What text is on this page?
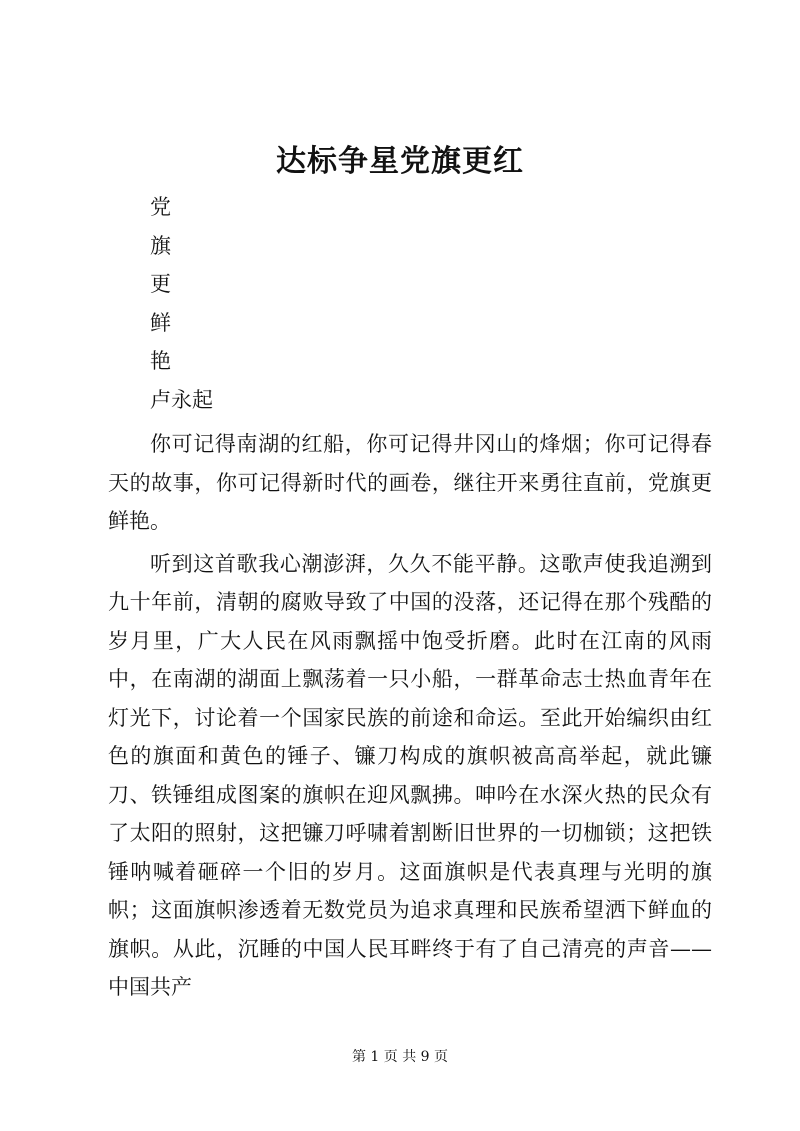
达标争星党旗更红
党
旗
更
鲜
艳
卢永起

你可记得南湖的红船，你可记得井冈山的烽烟；你可记得春天的故事，你可记得新时代的画卷，继往开来勇往直前，党旗更鲜艳。

听到这首歌我心潮澎湃，久久不能平静。这歌声使我追溯到九十年前，清朝的腐败导致了中国的没落，还记得在那个残酷的岁月里，广大人民在风雨飘摇中饱受折磨。此时在江南的风雨中，在南湖的湖面上飘荡着一只小船，一群革命志士热血青年在灯光下，讨论着一个国家民族的前途和命运。至此开始编织由红色的旗面和黄色的锤子、镰刀构成的旗帜被高高举起，就此镰刀、铁锤组成图案的旗帜在迎风飘拂。呻吟在水深火热的民众有了太阳的照射，这把镰刀呼啸着割断旧世界的一切枷锁；这把铁锤呐喊着砸碎一个旧的岁月。这面旗帜是代表真理与光明的旗帜；这面旗帜渗透着无数党员为追求真理和民族希望洒下鲜血的旗帜。从此，沉睡的中国人民耳畔终于有了自己清亮的声音——中国共产

第 1 页 共 9 页
